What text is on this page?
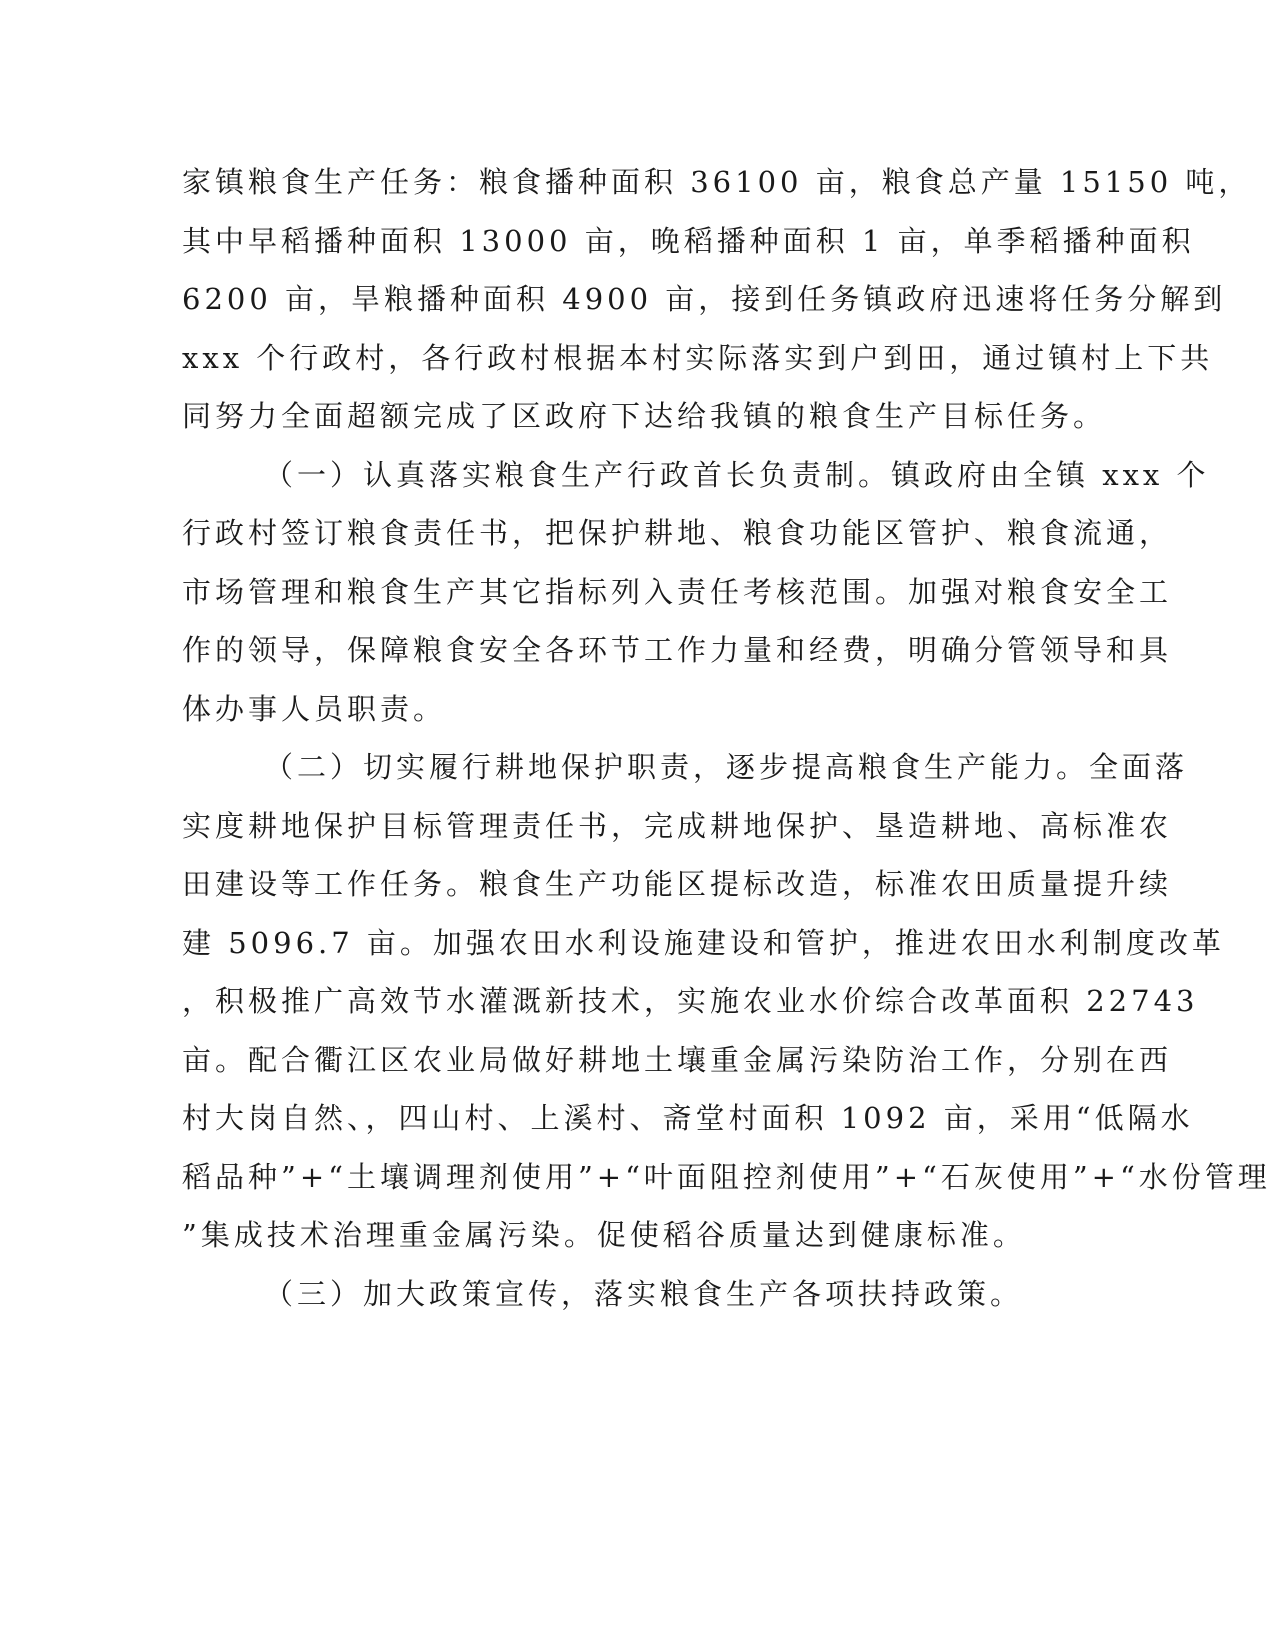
家镇粮食生产任务：粮食播种面积 36100 亩，粮食总产量 15150 吨，
其中早稻播种面积 13000 亩，晚稻播种面积 1 亩，单季稻播种面积
6200 亩，旱粮播种面积 4900 亩，接到任务镇政府迅速将任务分解到
xxx 个行政村，各行政村根据本村实际落实到户到田，通过镇村上下共
同努力全面超额完成了区政府下达给我镇的粮食生产目标任务。
（一）认真落实粮食生产行政首长负责制。镇政府由全镇 xxx 个
行政村签订粮食责任书，把保护耕地、粮食功能区管护、粮食流通，
市场管理和粮食生产其它指标列入责任考核范围。加强对粮食安全工
作的领导，保障粮食安全各环节工作力量和经费，明确分管领导和具
体办事人员职责。
（二）切实履行耕地保护职责，逐步提高粮食生产能力。全面落
实度耕地保护目标管理责任书，完成耕地保护、垦造耕地、高标准农
田建设等工作任务。粮食生产功能区提标改造，标准农田质量提升续
建 5096.7 亩。加强农田水利设施建设和管护，推进农田水利制度改革
，积极推广高效节水灌溉新技术，实施农业水价综合改革面积 22743
亩。配合衢江区农业局做好耕地土壤重金属污染防治工作，分别在西
村大岗自然、，四山村、上溪村、斋堂村面积 1092 亩，采用“低隔水
稻品种”+“土壤调理剂使用”+“叶面阻控剂使用”+“石灰使用”+“水份管理
”集成技术治理重金属污染。促使稻谷质量达到健康标准。
（三）加大政策宣传，落实粮食生产各项扶持政策。
